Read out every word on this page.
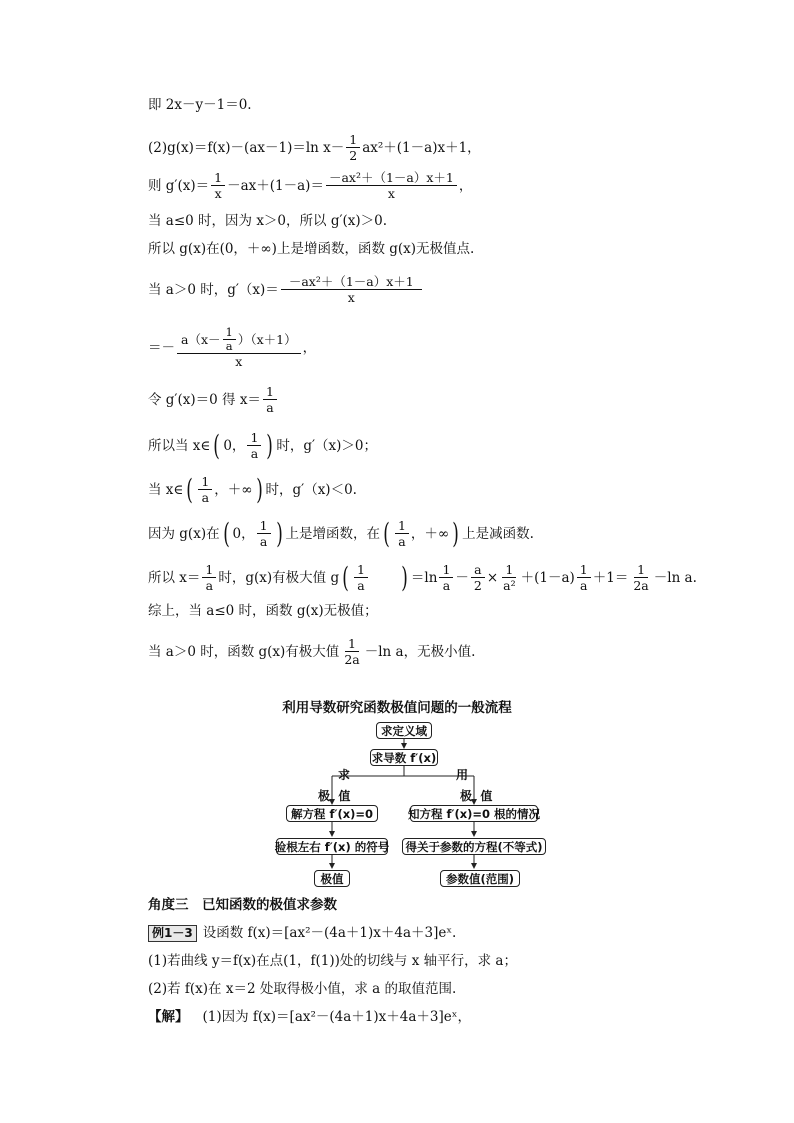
即 2x－y－1＝0.
(2)g(x)＝f(x)－(ax－1)＝ln $x- \frac{1}{2} ax^2+(1-a)x+1$，
则 $g'(x)= \frac{1}{x} -ax+(1-a)= \frac{\text{－ax²＋（1－a）x＋1}}{x}$ ，
当 a≤0 时，因为 x＞0，所以 g′(x)＞0.
所以 g(x)在(0，＋∞)上是增函数，函数 g(x)无极值点.
当 a＞0 时，$g'(x)= \frac{\text{－ax²＋（1－a）x＋1}}{x}$
＝－ $\frac{a(x- \frac{1}{a} )(x+1)}{x}$ ，
令 g′(x)＝0 得 $x= \frac{1}{a}$
所以当 x∈ ( 0， $\frac{1}{a}$ ) 时，g′（x)＞0；
当 x∈ ( $\frac{1}{a}$ ，＋∞ ) 时，g′（x)＜0.
因为 g(x)在 ( 0， $\frac{1}{a}$ ) 上是增函数，在 ( $\frac{1}{a}$ ，＋∞ ) 上是减函数.
所以 $x= \frac{1}{a}$ 时，g(x)有极大值 g ( $\frac{1}{a}$ ) $=\ln \frac{1}{a} - \frac{a}{2} \times \frac{1}{\text{a²}} +(1-a) \frac{1}{a} +1= \frac{1}{2a} -\ln$ a.
综上，当 a≤0 时，函数 g(x)无极值；
当 a＞0 时，函数 g(x)有极大值 $\frac{1}{2a} -\ln$ a，无极小值.
利用导数研究函数极值问题的一般流程
求定义域
求导数 f′(x)
求	用
极  值	极  值
解方程 f′(x)=0
验根左右 f′(x) 的符号
极值
知方程 f′(x)=0 根的情况
得关于参数的方程(不等式)
参数值(范围)
角度三　已知函数的极值求参数
例1－3 设函数 f(x)＝[ax²－(4a＋1)x＋4a＋3]eˣ.
(1)若曲线 y＝f(x)在点(1，f(1))处的切线与 x 轴平行，求 a；
(2)若 f(x)在 x＝2 处取得极小值，求 a 的取值范围.
【解】 (1)因为 f(x)＝[ax²－(4a＋1)x＋4a＋3]eˣ，
